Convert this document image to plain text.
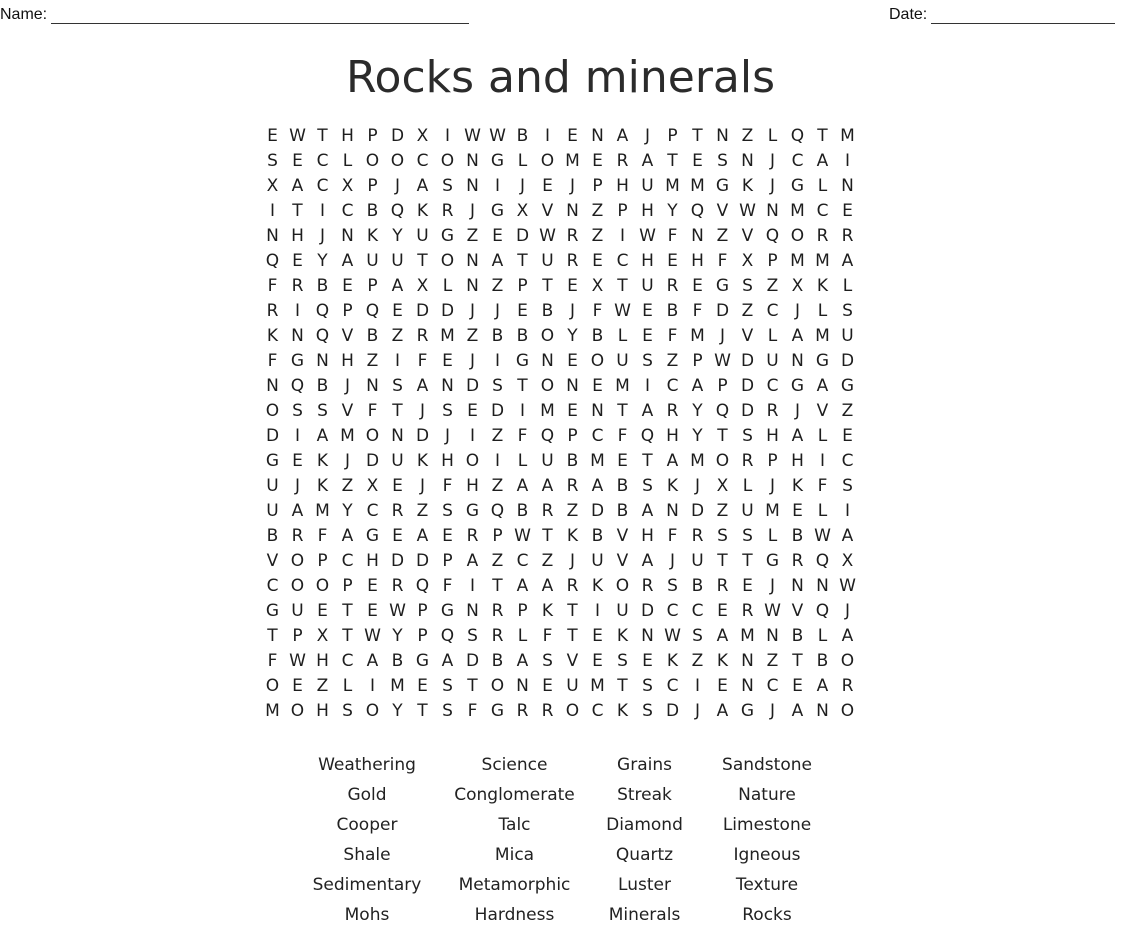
Name:	Date:
Rocks and minerals
E W T H P D X I W W B I	E N A J	P T N Z L Q T M
S E C L O O C O N G L O M E R A T E S N J C A I
X A C X P	J A S N I	J	E	J	P H U M M G K J G L N
I	T	I C B Q K R J G X V N Z P H Y Q V W N M C E
N H J N K Y U G Z E D W R Z I W F N Z V Q O R R
Q E Y A U U T O N A T U R E C H E H F X P M M A
F R B E P A X L N Z P T E X T U R E G S Z X K L
R I Q P Q E D D J	J	E B J	F W E B F D Z C J	L S
K N Q V B Z R M Z B B O Y B L E F M J V L A M U
F G N H Z I	F E	J	I G N E O U S Z P W D U N G D
N Q B J N S A N D S T O N E M I C A P D C G A G
O S S V F T	J	S E D I M E N T A R Y Q D R J V Z
D I A M O N D J	I Z F Q P C F Q H Y T S H A L E
G E K J D U K H O I	L U B M E T A M O R P H I C
U J K Z X E	J	F H Z A A R A B S K J X L	J K F S
U A M Y C R Z S G Q B R Z D B A N D Z U M E L	I
B R F A G E A E R P W T K B V H F R S S L B W A
V O P C H D D P A Z C Z J U V A J U T T G R Q X
C O O P E R Q F	I	T A A R K O R S B R E	J N N W
G U E T E W P G N R P K T	I U D C C E R W V Q J
T P X T W Y P Q S R L F T E K N W S A M N B L A
F W H C A B G A D B A S V E S E K Z K N Z T B O
O E Z L	I M E S T O N E U M T S C I	E N C E A R
M O H S O Y T S F G R R O C K S D J A G J A N O
Weathering	Science	Grains	Sandstone
Gold	Conglomerate	Streak	Nature
Cooper	Talc	Diamond	Limestone
Shale	Mica	Quartz	Igneous
Sedimentary	Metamorphic	Luster	Texture
Mohs	Hardness	Minerals	Rocks
